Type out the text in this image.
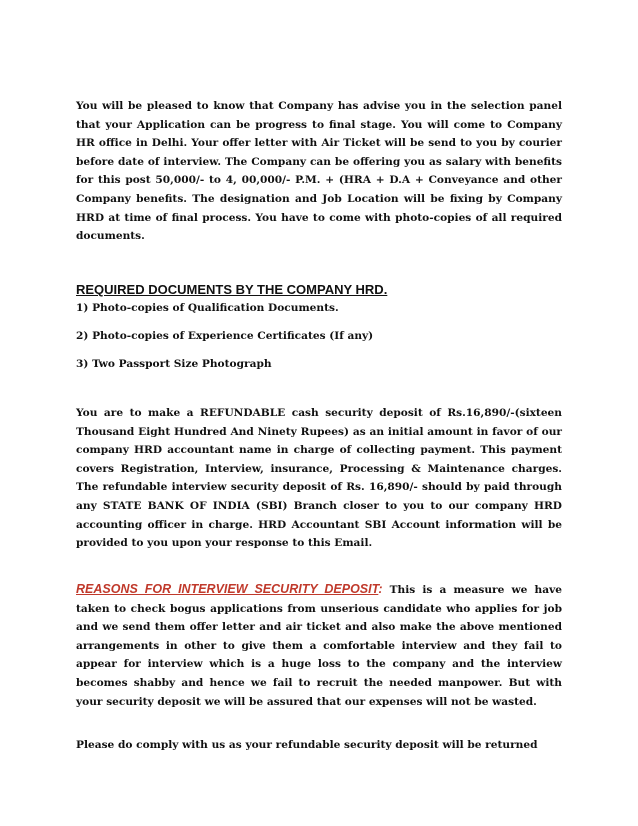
You will be pleased to know that Company has advise you in the selection panel that your Application can be progress to final stage. You will come to Company HR office in Delhi. Your offer letter with Air Ticket will be send to you by courier before date of interview. The Company can be offering you as salary with benefits for this post 50,000/- to 4, 00,000/- P.M. + (HRA + D.A + Conveyance and other Company benefits. The designation and Job Location will be fixing by Company HRD at time of final process. You have to come with photo-copies of all required documents.

REQUIRED DOCUMENTS BY THE COMPANY HRD.

1) Photo-copies of Qualification Documents.

2) Photo-copies of Experience Certificates (If any)

3) Two Passport Size Photograph

You are to make a REFUNDABLE cash security deposit of Rs.16,890/-(sixteen Thousand Eight Hundred And Ninety Rupees) as an initial amount in favor of our company HRD accountant name in charge of collecting payment. This payment covers Registration, Interview, insurance, Processing & Maintenance charges. The refundable interview security deposit of Rs. 16,890/- should by paid through any STATE BANK OF INDIA (SBI) Branch closer to you to our company HRD accounting officer in charge. HRD Accountant SBI Account information will be provided to you upon your response to this Email.

REASONS FOR INTERVIEW SECURITY DEPOSIT: This is a measure we have taken to check bogus applications from unserious candidate who applies for job and we send them offer letter and air ticket and also make the above mentioned arrangements in other to give them a comfortable interview and they fail to appear for interview which is a huge loss to the company and the interview becomes shabby and hence we fail to recruit the needed manpower. But with your security deposit we will be assured that our expenses will not be wasted.

Please do comply with us as your refundable security deposit will be returned
